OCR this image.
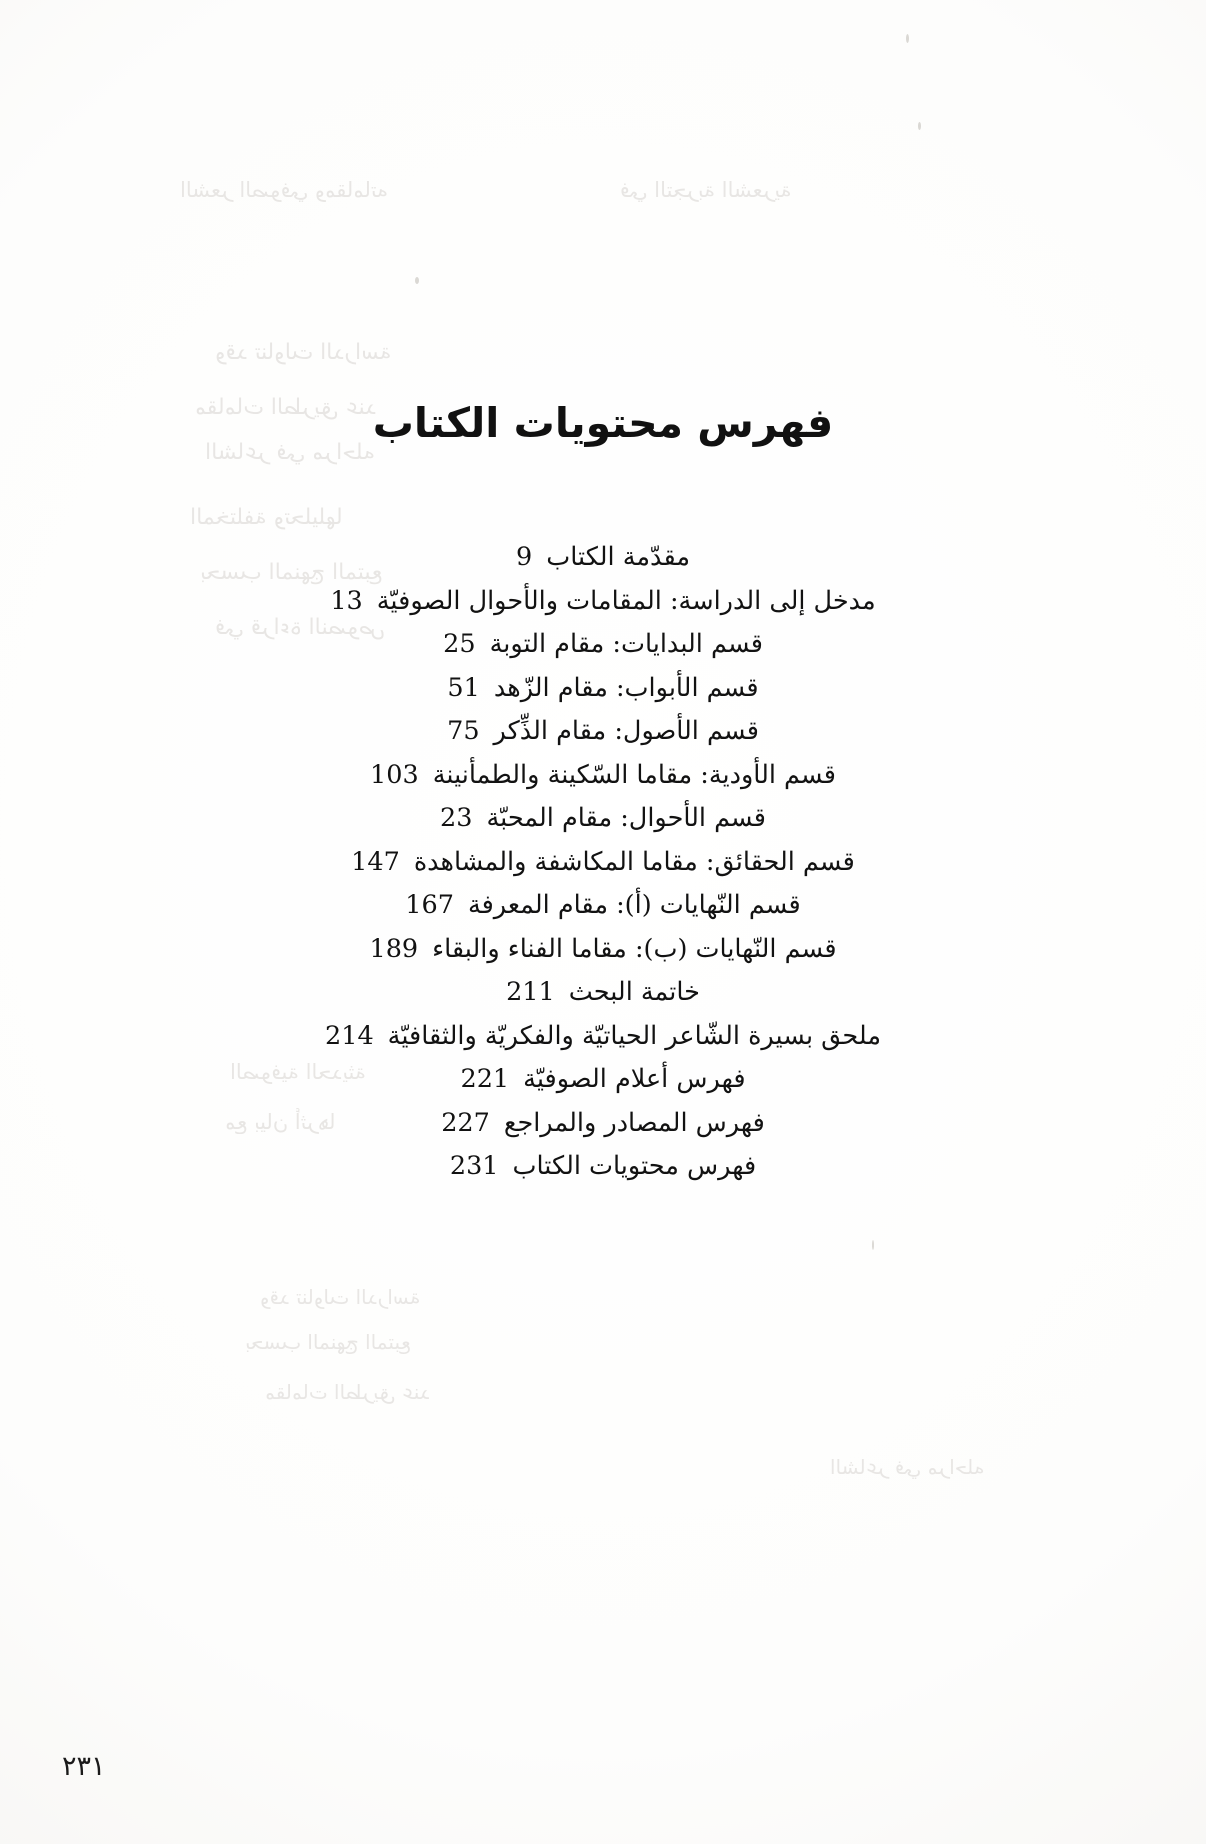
الشعر الصوفي ومقاماته	في التجربة الشعرية
وقد تناولت الدراسة
مقامات الطريق عند
الشاعر في مراحله
المختلفة وتحليلها
بحسب المنهج المتبع
في قراءة النصوص
الصوفية الحديثة
مع بيان أثرها
وقد تناولت الدراسة
بحسب المنهج المتبع
مقامات الطريق عند
الشاعر في مراحله
فهرس محتويات الكتاب
مقدّمة الكتاب9
مدخل إلى الدراسة: المقامات والأحوال الصوفيّة13
قسم البدايات: مقام التوبة25
قسم الأبواب: مقام الزّهد51
قسم الأصول: مقام الذِّكر75
قسم الأودية: مقاما السّكينة والطمأنينة103
قسم الأحوال: مقام المحبّة23
قسم الحقائق: مقاما المكاشفة والمشاهدة147
قسم النّهايات (أ): مقام المعرفة167
قسم النّهايات (ب): مقاما الفناء والبقاء189
خاتمة البحث211
ملحق بسيرة الشّاعر الحياتيّة والفكريّة والثقافيّة214
فهرس أعلام الصوفيّة221
فهرس المصادر والمراجع227
فهرس محتويات الكتاب231
٢٣١
